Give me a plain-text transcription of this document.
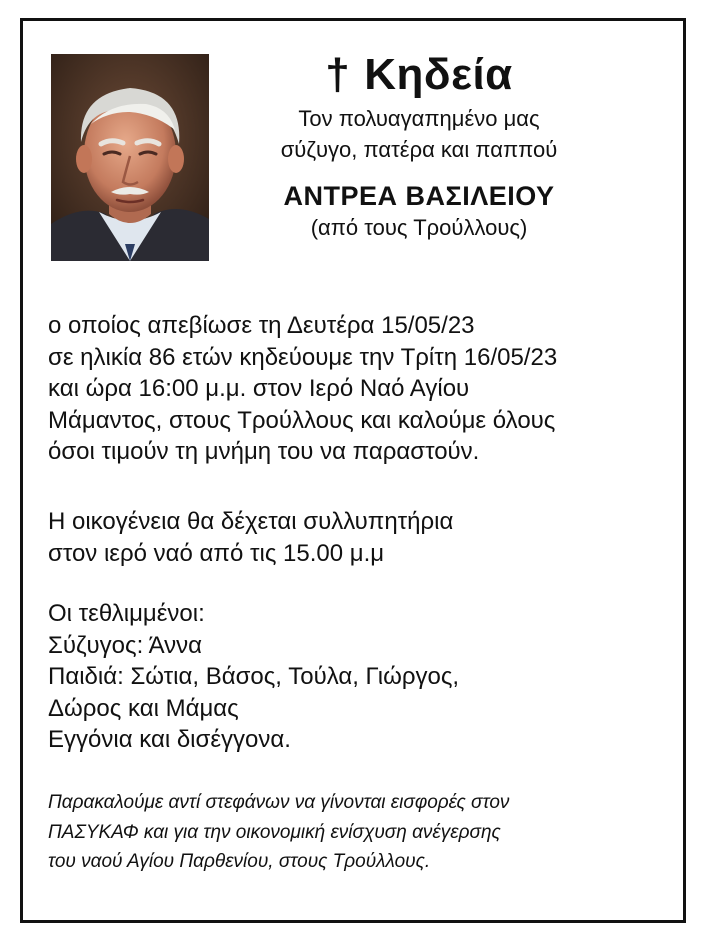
† Κηδεία
Τον πολυαγαπημένο μας
σύζυγο, πατέρα και παππού
ΑΝΤΡΕΑ ΒΑΣΙΛΕΙΟΥ
(από τους Τρούλλους)
ο οποίος απεβίωσε τη Δευτέρα 15/05/23
σε ηλικία 86 ετών κηδεύουμε την Τρίτη 16/05/23
και ώρα 16:00 μ.μ. στον Ιερό Ναό Αγίου
Μάμαντος, στους Τρούλλους και καλούμε όλους
όσοι τιμούν τη μνήμη του να παραστούν.
Η οικογένεια θα δέχεται συλλυπητήρια
στον ιερό ναό από τις 15.00 μ.μ
Οι τεθλιμμένοι:
Σύζυγος: Άννα
Παιδιά: Σώτια, Βάσος, Τούλα, Γιώργος,
Δώρος και Μάμας
Εγγόνια και δισέγγονα.
Παρακαλούμε αντί στεφάνων να γίνονται εισφορές στον
ΠΑΣΥΚΑΦ και για την οικονομική ενίσχυση ανέγερσης
του ναού Αγίου Παρθενίου, στους Τρούλλους.
